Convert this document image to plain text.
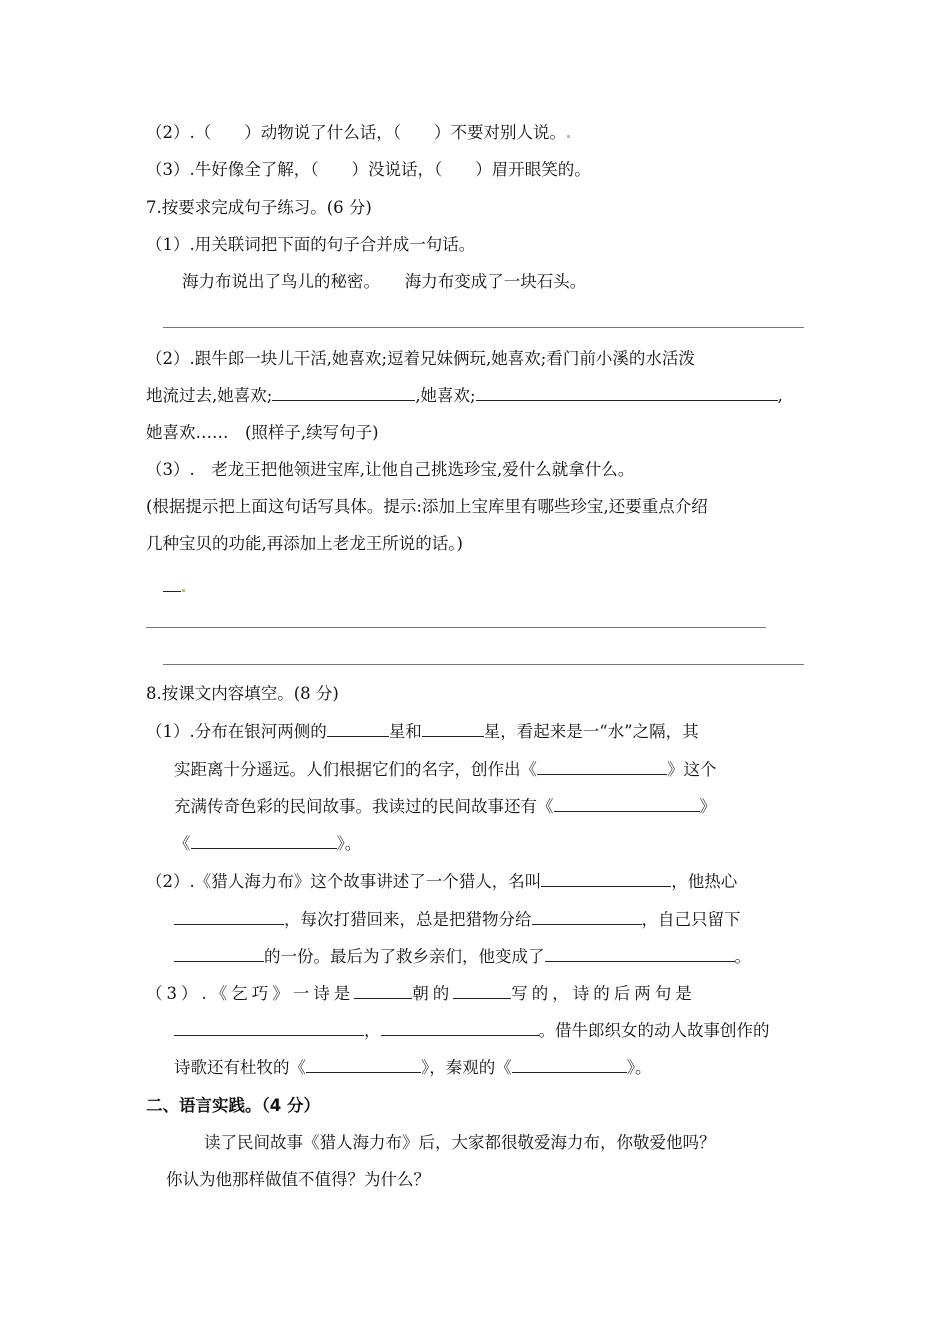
（2）.（　　）动物说了什么话，（　　）不要对别人说。
（3）.牛好像全了解，（　　）没说话，（　　）眉开眼笑的。
7.按要求完成句子练习。(6 分)
（1）.用关联词把下面的句子合并成一句话。
海力布说出了鸟儿的秘密。　　海力布变成了一块石头。
（2）.跟牛郎一块儿干活,她喜欢;逗着兄妹俩玩,她喜欢;看门前小溪的水活泼
地流过去,她喜欢;	,她喜欢;	,
她喜欢……　(照样子,续写句子)
（3）.　老龙王把他领进宝库,让他自己挑选珍宝,爱什么就拿什么。
(根据提示把上面这句话写具体。提示:添加上宝库里有哪些珍宝,还要重点介绍
几种宝贝的功能,再添加上老龙王所说的话。)
8.按课文内容填空。(8 分)
（1）.分布在银河两侧的	星和	星，看起来是一“水”之隔，其
实距离十分遥远。人们根据它们的名字，创作出《	》这个
充满传奇色彩的民间故事。我读过的民间故事还有《	》
《	》。
（2）.《猎人海力布》这个故事讲述了一个猎人，名叫	，他热心
，每次打猎回来，总是把猎物分给	，自己只留下
的一份。最后为了救乡亲们，他变成了	。
（3）.《乞巧》一诗是	朝的	写的，诗的后两句是
，	。借牛郎织女的动人故事创作的
诗歌还有杜牧的《	》，秦观的《	》。
二、语言实践。（4 分）
读了民间故事《猎人海力布》后，大家都很敬爱海力布，你敬爱他吗？
你认为他那样做值不值得？为什么？
